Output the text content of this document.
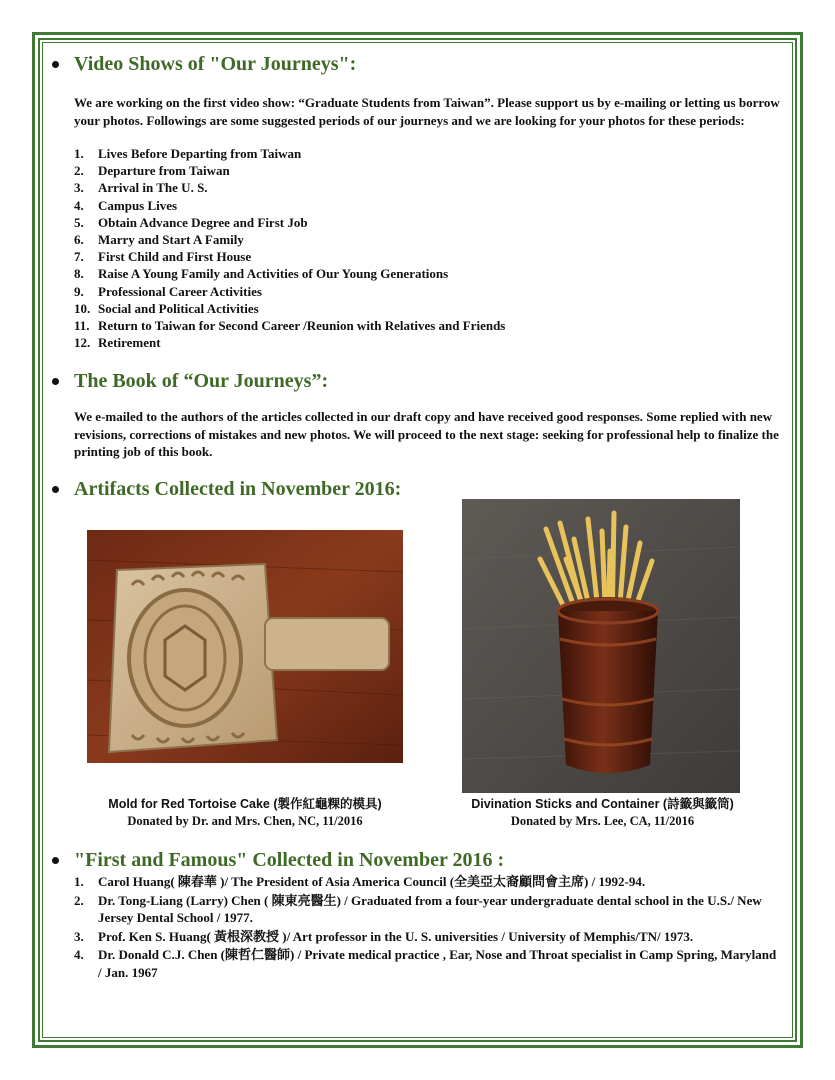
Video Shows of "Our Journeys":
We are working on the first video show: “Graduate Students from Taiwan”. Please support us by e-mailing or letting us borrow your photos. Followings are some suggested periods of our journeys and we are looking for your photos for these periods:
1.	Lives Before Departing from Taiwan
2.	Departure from Taiwan
3.	Arrival in The U. S.
4.	Campus Lives
5.	Obtain Advance Degree and First Job
6.	Marry and Start A Family
7.	First Child and First House
8.	Raise A Young Family and Activities of Our Young Generations
9.	Professional Career Activities
10. Social and Political Activities
11. Return to Taiwan for Second Career /Reunion with Relatives and Friends
12. Retirement
The Book of “Our Journeys”:
We e-mailed to the authors of the articles collected in our draft copy and have received good responses. Some replied with new revisions, corrections of mistakes and new photos. We will proceed to the next stage: seeking for professional help to finalize the printing job of this book.
Artifacts Collected in November 2016:
Mold for Red Tortoise Cake (製作紅龜粿的模具)
Donated by Dr. and Mrs. Chen, NC, 11/2016
Divination Sticks and Container (詩籤與籤筒)
Donated by Mrs. Lee, CA, 11/2016
"First and Famous" Collected in November 2016 :
1.	Carol Huang( 陳春華 )/ The President of Asia America Council (全美亞太裔顧問會主席) / 1992-94.
2.	Dr. Tong-Liang (Larry) Chen ( 陳東亮醫生) / Graduated from a four-year undergraduate dental school in the U.S./ New Jersey Dental School / 1977.
3.	Prof. Ken S. Huang( 黃根深教授 )/ Art professor in the U. S. universities / University of Memphis/TN/ 1973.
4.	Dr. Donald C.J. Chen (陳哲仁醫師) / Private medical practice , Ear, Nose and Throat specialist in Camp Spring, Maryland / Jan. 1967
